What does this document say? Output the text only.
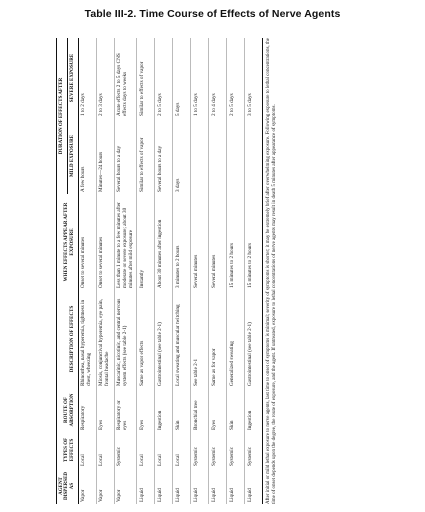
Table III-2. Time Course of Effects of Nerve Agents
AGENT DISPERSED AS	TYPES OF EFFECTS	ROUTE OF ABSORPTION	DESCRIPTION OF EFFECTS	WHEN EFFECTS APPEAR AFTER EXPOSURE	DURATION OF EFFECTS AFTER	
					MILD EXPOSURE	SEVERE EXPOSURE
Vapor	Local	Respiratory	Rhinorrhea, nasal hyperemia, tightness in chest, wheezing	Onset to several minutes	A few hours	1 to 2 days
Vapor	Local	Eyes	Miosis, conjunctival hyperemia, eye pain, frontal headache	Onset to several minutes	Minutes—24 hours	2 to 3 days
Vapor	Systemic	Respiratory or eyes	Muscarinic, nicotinic, and central nervous system effects (see table 2-1)	Less than 1 minute to a few minutes after moderate or severe exposure; about 30 minutes after mild exposure	Several hours to a day	Acute effects 2 to 5 days CNS effects days to weeks
Liquid	Local	Eyes	Same as vapor effects	Instantly	Similar to effects of vapor	Similar to effects of vapor
Liquid	Local	Ingestion	Gastrointestinal (see table 2-1)	About 30 minutes after ingestion	Several hours to a day	2 to 5 days
Liquid	Local	Skin	Local sweating and muscular twitching	3 minutes to 2 hours	3 days	5 days
Liquid	Systemic	Broncbial tree	See table 2-1	Several minutes		1 to 5 days
Liquid	Systemic	Eyes	Same as for vapor	Several minutes		2 to 4 days
Liquid	Systemic	Skin	Generalized sweating	15 minutes to 2 hours		2 to 5 days
Liquid	Systemic	Ingestion	Gastrointestinal (see table 2-1)	15 minutes to 2 hours		3 to 5 days	After initial or mild lethal exposure to nerve agents, last time to onset of symptoms is minimal; severity of symptoms is shorter; it may be extremely brief after overwhelming exposure. Following exposure to lethal concentrations, the time of onset depends upon the degree, the route of exposure, and the agent. If untreated, exposure to lethal concentrations of nerve agents may result in death 5 minutes after appearance of symptoms.
